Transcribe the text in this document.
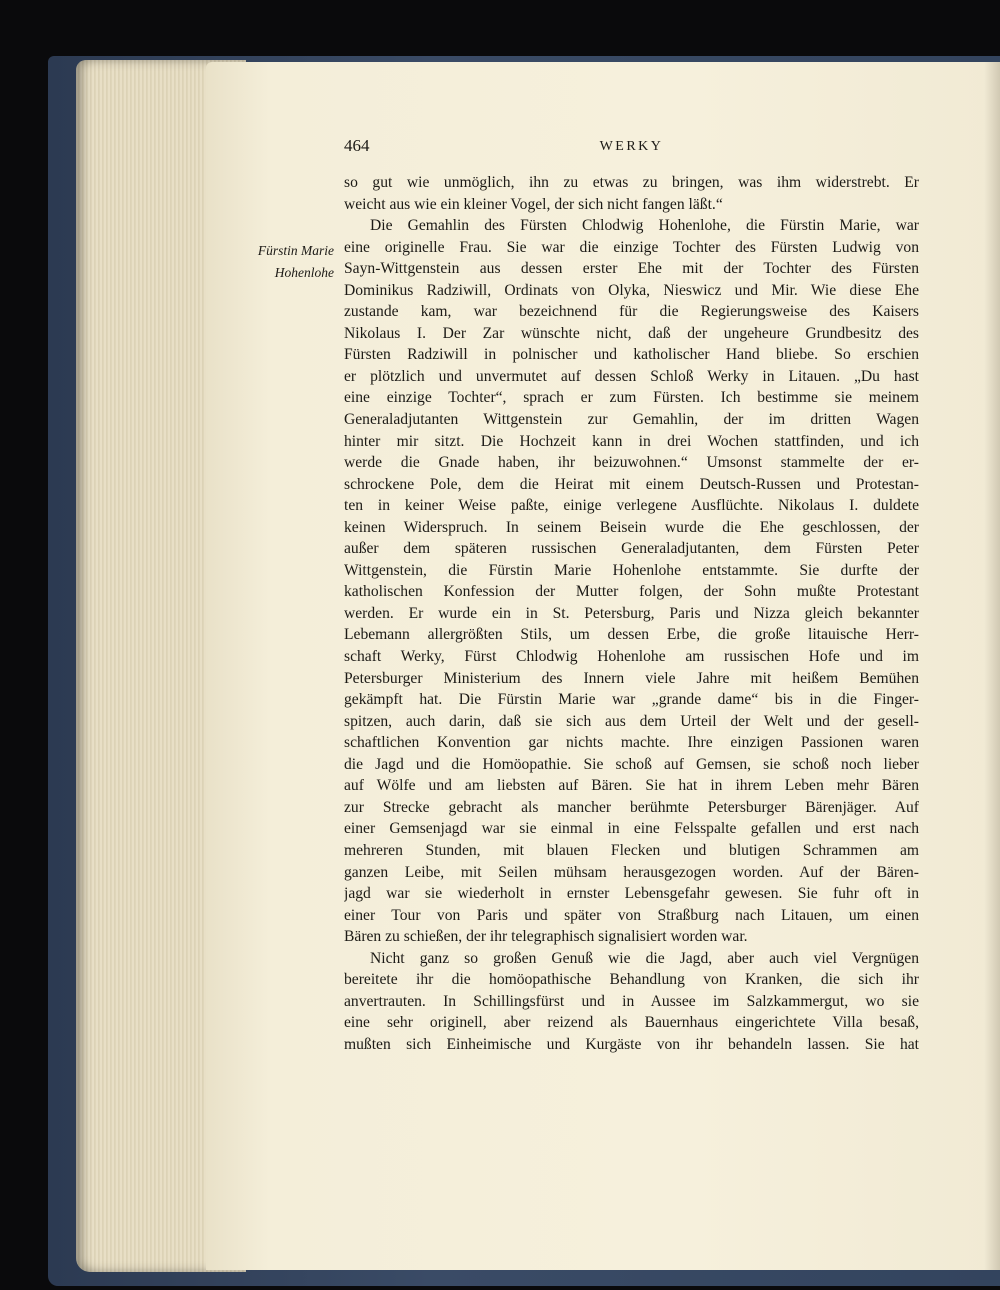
464	WERKY
Fürstin Marie
Hohenlohe
so gut wie unmöglich, ihn zu etwas zu bringen, was ihm widerstrebt. Er
weicht aus wie ein kleiner Vogel, der sich nicht fangen läßt.“
Die Gemahlin des Fürsten Chlodwig Hohenlohe, die Fürstin Marie, war
eine originelle Frau. Sie war die einzige Tochter des Fürsten Ludwig von
Sayn-Wittgenstein aus dessen erster Ehe mit der Tochter des Fürsten
Dominikus Radziwill, Ordinats von Olyka, Nieswicz und Mir. Wie diese Ehe
zustande kam, war bezeichnend für die Regierungsweise des Kaisers
Nikolaus I. Der Zar wünschte nicht, daß der ungeheure Grundbesitz des
Fürsten Radziwill in polnischer und katholischer Hand bliebe. So erschien
er plötzlich und unvermutet auf dessen Schloß Werky in Litauen. „Du hast
eine einzige Tochter“, sprach er zum Fürsten. Ich bestimme sie meinem
Generaladjutanten Wittgenstein zur Gemahlin, der im dritten Wagen
hinter mir sitzt. Die Hochzeit kann in drei Wochen stattfinden, und ich
werde die Gnade haben, ihr beizuwohnen.“ Umsonst stammelte der er-
schrockene Pole, dem die Heirat mit einem Deutsch-Russen und Protestan-
ten in keiner Weise paßte, einige verlegene Ausflüchte. Nikolaus I. duldete
keinen Widerspruch. In seinem Beisein wurde die Ehe geschlossen, der
außer dem späteren russischen Generaladjutanten, dem Fürsten Peter
Wittgenstein, die Fürstin Marie Hohenlohe entstammte. Sie durfte der
katholischen Konfession der Mutter folgen, der Sohn mußte Protestant
werden. Er wurde ein in St. Petersburg, Paris und Nizza gleich bekannter
Lebemann allergrößten Stils, um dessen Erbe, die große litauische Herr-
schaft Werky, Fürst Chlodwig Hohenlohe am russischen Hofe und im
Petersburger Ministerium des Innern viele Jahre mit heißem Bemühen
gekämpft hat. Die Fürstin Marie war „grande dame“ bis in die Finger-
spitzen, auch darin, daß sie sich aus dem Urteil der Welt und der gesell-
schaftlichen Konvention gar nichts machte. Ihre einzigen Passionen waren
die Jagd und die Homöopathie. Sie schoß auf Gemsen, sie schoß noch lieber
auf Wölfe und am liebsten auf Bären. Sie hat in ihrem Leben mehr Bären
zur Strecke gebracht als mancher berühmte Petersburger Bärenjäger. Auf
einer Gemsenjagd war sie einmal in eine Felsspalte gefallen und erst nach
mehreren Stunden, mit blauen Flecken und blutigen Schrammen am
ganzen Leibe, mit Seilen mühsam herausgezogen worden. Auf der Bären-
jagd war sie wiederholt in ernster Lebensgefahr gewesen. Sie fuhr oft in
einer Tour von Paris und später von Straßburg nach Litauen, um einen
Bären zu schießen, der ihr telegraphisch signalisiert worden war.
Nicht ganz so großen Genuß wie die Jagd, aber auch viel Vergnügen
bereitete ihr die homöopathische Behandlung von Kranken, die sich ihr
anvertrauten. In Schillingsfürst und in Aussee im Salzkammergut, wo sie
eine sehr originell, aber reizend als Bauernhaus eingerichtete Villa besaß,
mußten sich Einheimische und Kurgäste von ihr behandeln lassen. Sie hat
